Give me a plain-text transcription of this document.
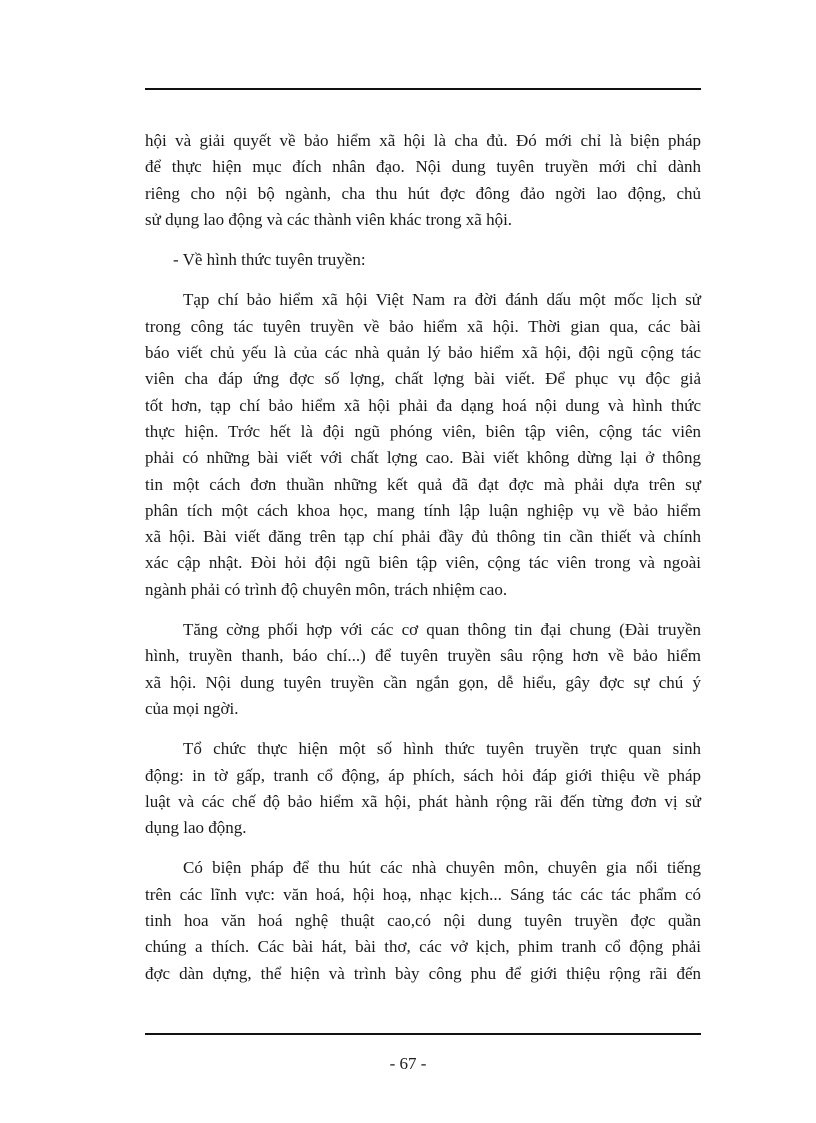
hội và giải quyết về bảo hiểm xã hội là cha đủ. Đó mới chỉ là biện pháp
để thực hiện mục đích nhân đạo. Nội dung tuyên truyền mới chỉ dành
riêng cho nội bộ ngành, cha thu hút đợc đông đảo ngời lao động, chủ
sử dụng lao động và các thành viên khác trong xã hội.
- Về hình thức tuyên truyền:
Tạp chí bảo hiểm xã hội Việt Nam ra đời đánh dấu một mốc lịch sử
trong công tác tuyên truyền về bảo hiểm xã hội. Thời gian qua, các bài
báo viết chủ yếu là của các nhà quản lý bảo hiểm xã hội, đội ngũ cộng tác
viên cha đáp ứng đợc số lợng, chất lợng bài viết. Để phục vụ độc giả
tốt hơn, tạp chí bảo hiểm xã hội phải đa dạng hoá nội dung và hình thức
thực hiện. Trớc hết là đội ngũ phóng viên, biên tập viên, cộng tác viên
phải có những bài viết với chất lợng cao. Bài viết không dừng lại ở thông
tin một cách đơn thuần những kết quả đã đạt đợc mà phải dựa trên sự
phân tích một cách khoa học, mang tính lập luận nghiệp vụ về bảo hiểm
xã hội. Bài viết đăng trên tạp chí phải đầy đủ thông tin cần thiết và chính
xác cập nhật. Đòi hỏi đội ngũ biên tập viên, cộng tác viên trong và ngoài
ngành phải có trình độ chuyên môn, trách nhiệm cao.
Tăng cờng phối hợp với các cơ quan thông tin đại chung (Đài truyền
hình, truyền thanh, báo chí...) để tuyên truyền sâu rộng hơn về bảo hiểm
xã hội. Nội dung tuyên truyền cần ngắn gọn, dễ hiểu, gây đợc sự chú ý
của mọi ngời.
Tổ chức thực hiện một số hình thức tuyên truyền trực quan sinh
động: in tờ gấp, tranh cổ động, áp phích, sách hỏi đáp giới thiệu về pháp
luật và các chế độ bảo hiểm xã hội, phát hành rộng rãi đến từng đơn vị sử
dụng lao động.
Có biện pháp để thu hút các nhà chuyên môn, chuyên gia nổi tiếng
trên các lĩnh vực: văn hoá, hội hoạ, nhạc kịch... Sáng tác các tác phẩm có
tinh hoa văn hoá nghệ thuật cao,có nội dung tuyên truyền đợc quần
chúng a thích. Các bài hát, bài thơ, các vở kịch, phim tranh cổ động phải
đợc dàn dựng, thể hiện và trình bày công phu để giới thiệu rộng rãi đến
- 67 -
